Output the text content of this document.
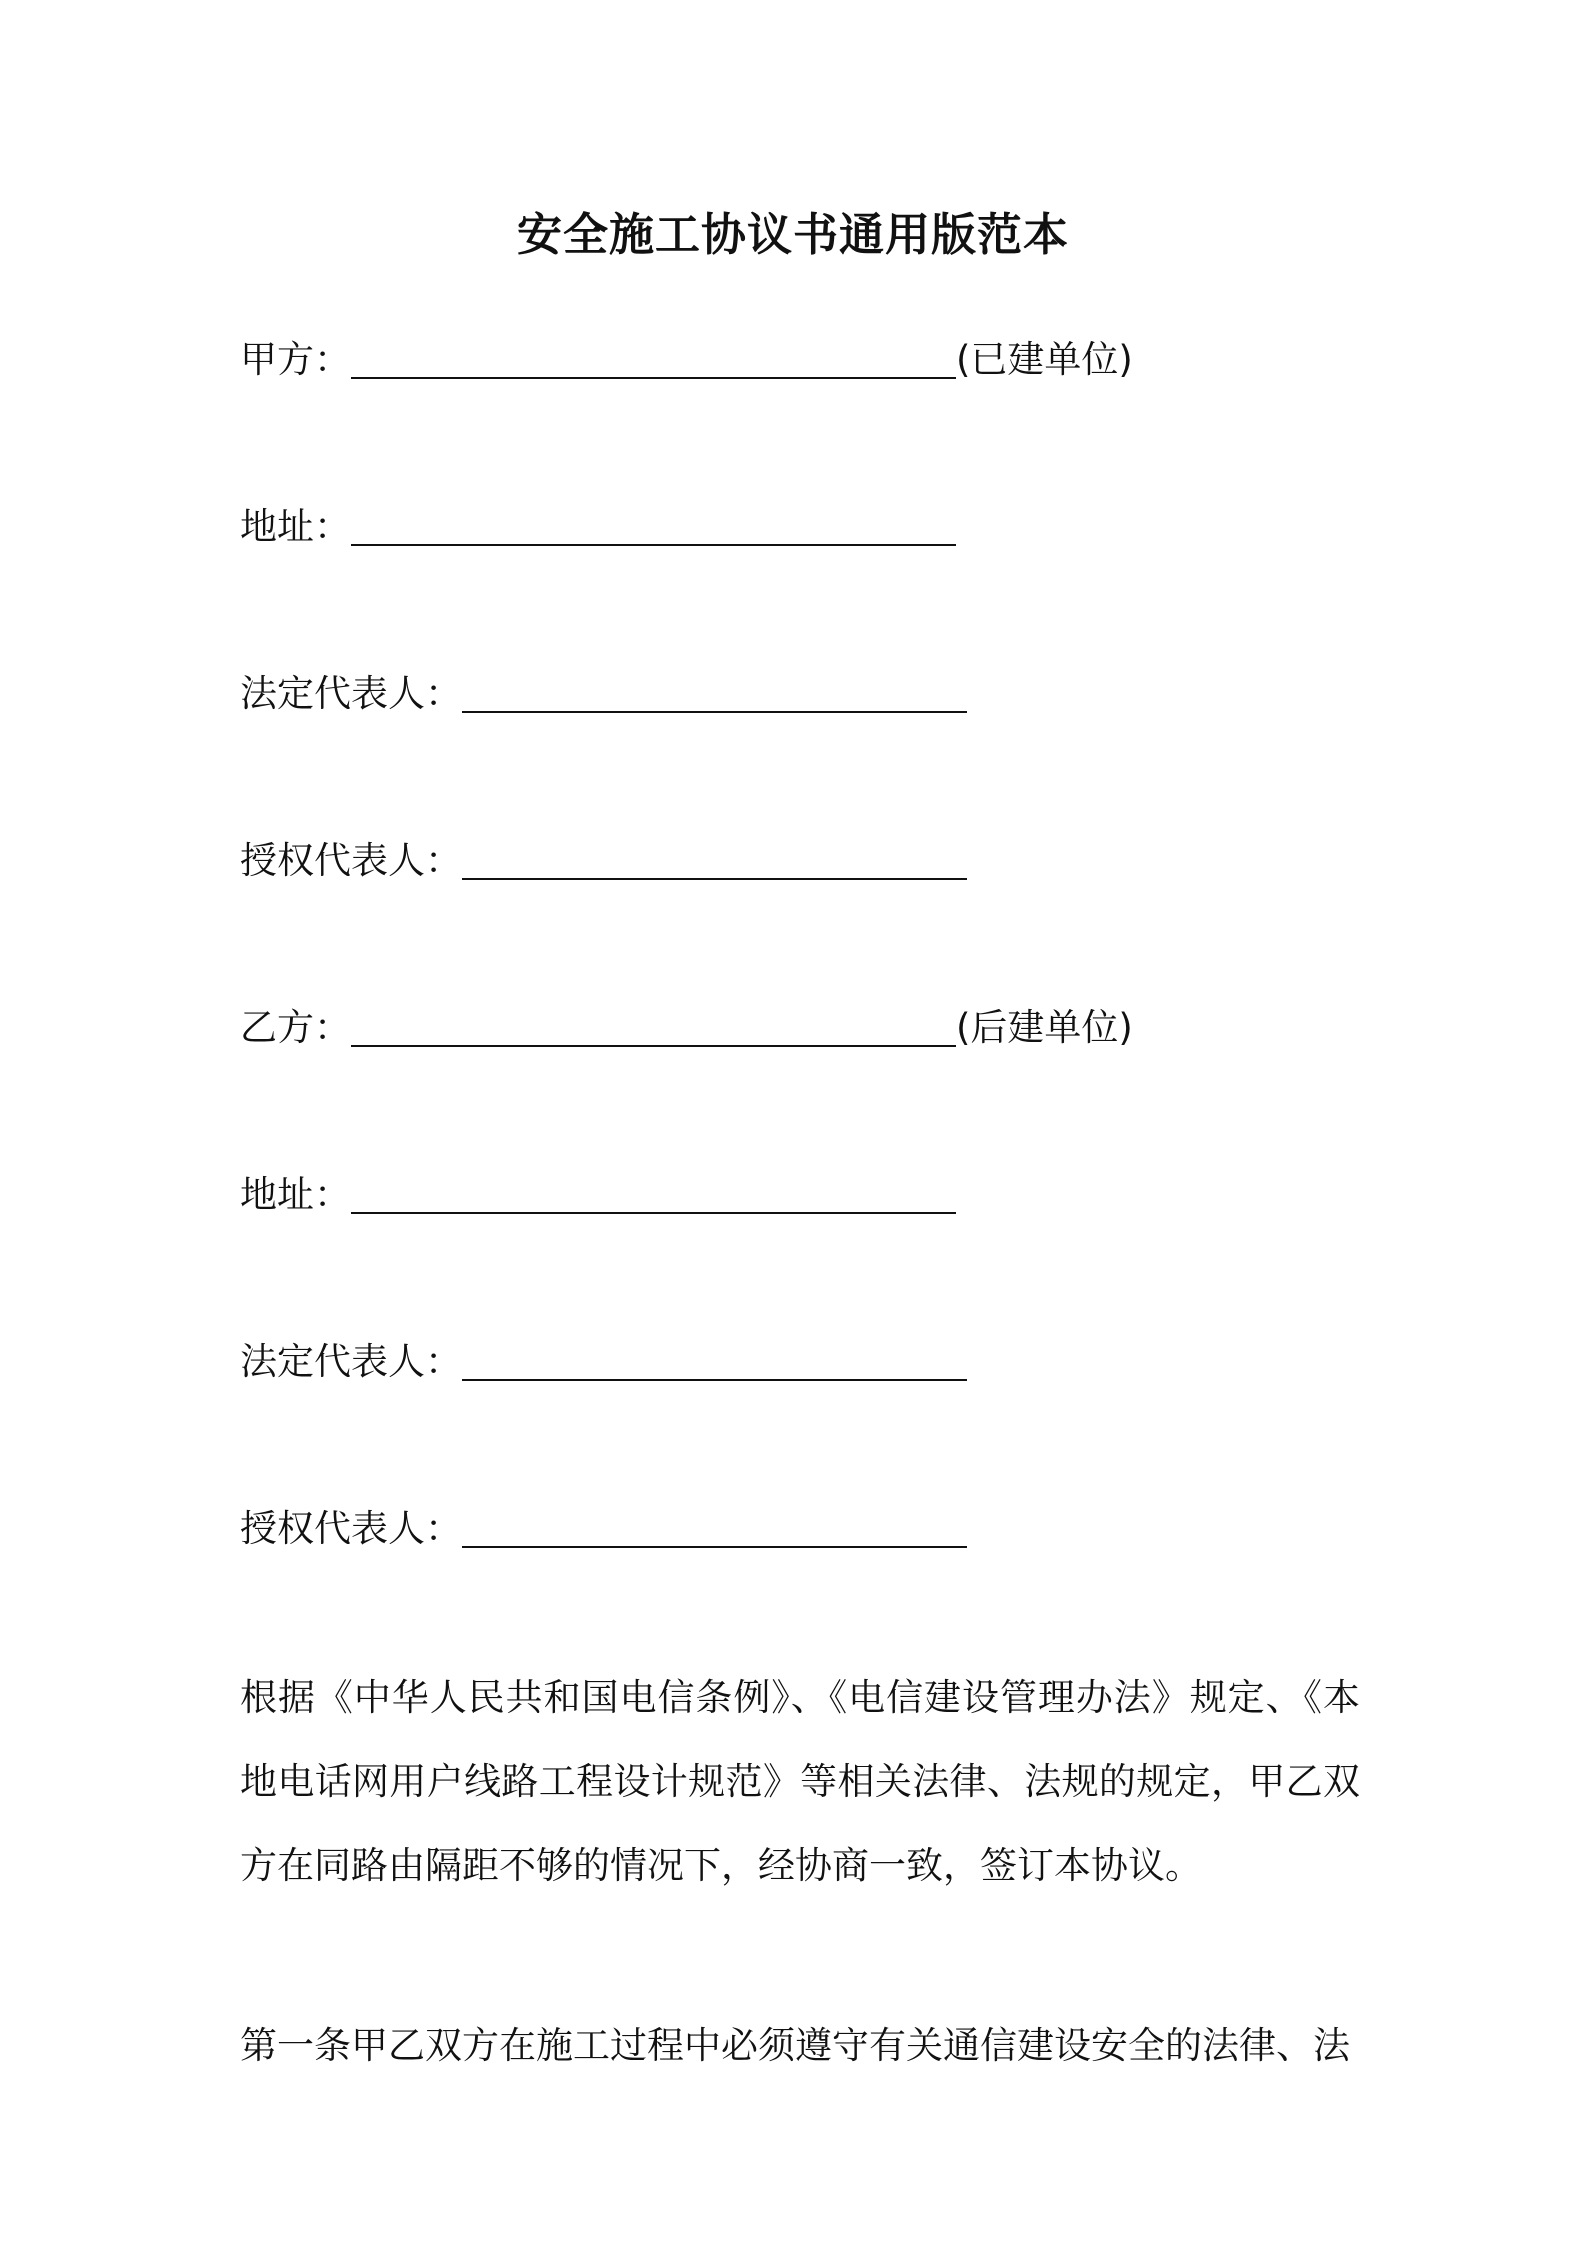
安全施工协议书通用版范本
甲方：	(已建单位)
地址：
法定代表人：
授权代表人：
乙方：	(后建单位)
地址：
法定代表人：
授权代表人：
根据《中华人民共和国电信条例》、《电信建设管理办法》规定、《本地电话网用户线路工程设计规范》等相关法律、法规的规定，甲乙双方在同路由隔距不够的情况下，经协商一致，签订本协议。
第一条甲乙双方在施工过程中必须遵守有关通信建设安全的法律、法
